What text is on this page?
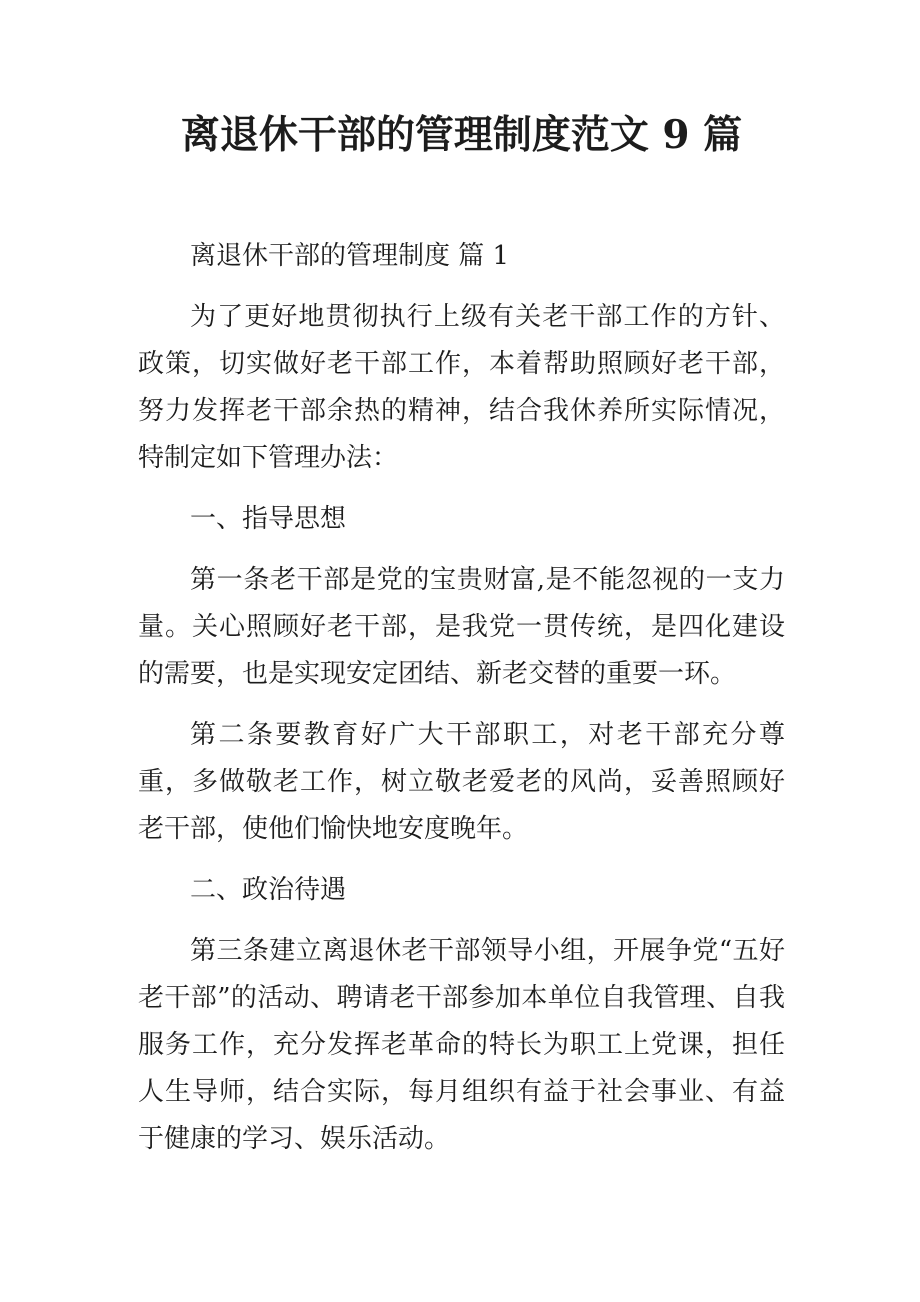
离退休干部的管理制度范文 9 篇

离退休干部的管理制度 篇 1

为了更好地贯彻执行上级有关老干部工作的方针、政策，切实做好老干部工作，本着帮助照顾好老干部，努力发挥老干部余热的精神，结合我休养所实际情况，特制定如下管理办法：

一、指导思想

第一条老干部是党的宝贵财富,是不能忽视的一支力量。关心照顾好老干部，是我党一贯传统，是四化建设的需要，也是实现安定团结、新老交替的重要一环。

第二条要教育好广大干部职工，对老干部充分尊重，多做敬老工作，树立敬老爱老的风尚，妥善照顾好老干部，使他们愉快地安度晚年。

二、政治待遇

第三条建立离退休老干部领导小组，开展争党“五好老干部”的活动、聘请老干部参加本单位自我管理、自我服务工作，充分发挥老革命的特长为职工上党课，担任人生导师，结合实际，每月组织有益于社会事业、有益于健康的学习、娱乐活动。
